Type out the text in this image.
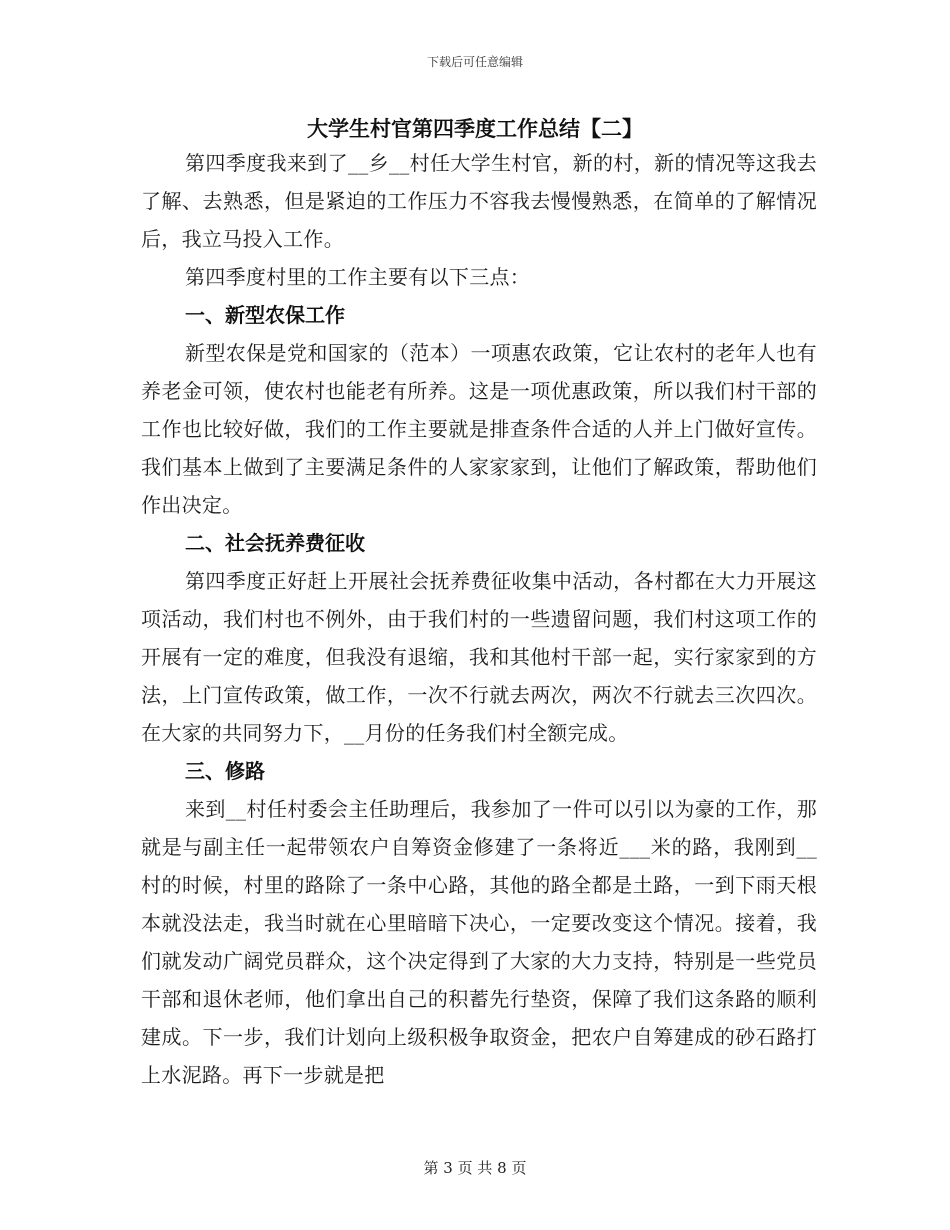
下载后可任意编辑
大学生村官第四季度工作总结【二】

第四季度我来到了__乡__村任大学生村官，新的村，新的情况等这我去了解、去熟悉，但是紧迫的工作压力不容我去慢慢熟悉，在简单的了解情况后，我立马投入工作。

第四季度村里的工作主要有以下三点：

一、新型农保工作

新型农保是党和国家的（范本）一项惠农政策，它让农村的老年人也有养老金可领，使农村也能老有所养。这是一项优惠政策，所以我们村干部的工作也比较好做，我们的工作主要就是排查条件合适的人并上门做好宣传。我们基本上做到了主要满足条件的人家家家到，让他们了解政策，帮助他们作出决定。

二、社会抚养费征收

第四季度正好赶上开展社会抚养费征收集中活动，各村都在大力开展这项活动，我们村也不例外，由于我们村的一些遗留问题，我们村这项工作的开展有一定的难度，但我没有退缩，我和其他村干部一起，实行家家到的方法，上门宣传政策，做工作，一次不行就去两次，两次不行就去三次四次。在大家的共同努力下，__月份的任务我们村全额完成。

三、修路

来到__村任村委会主任助理后，我参加了一件可以引以为豪的工作，那就是与副主任一起带领农户自筹资金修建了一条将近___米的路，我刚到__村的时候，村里的路除了一条中心路，其他的路全都是土路，一到下雨天根本就没法走，我当时就在心里暗暗下决心，一定要改变这个情况。接着，我们就发动广阔党员群众，这个决定得到了大家的大力支持，特别是一些党员干部和退休老师，他们拿出自己的积蓄先行垫资，保障了我们这条路的顺利建成。下一步，我们计划向上级积极争取资金，把农户自筹建成的砂石路打上水泥路。再下一步就是把

第 3 页 共 8 页
